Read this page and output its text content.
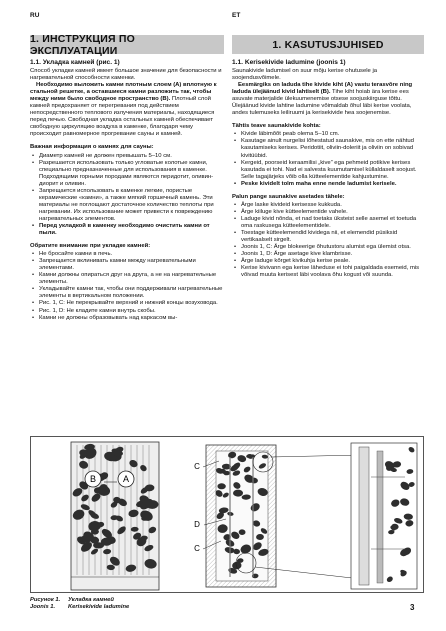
RU	ET
1. ИНСТРУКЦИЯ ПО ЭКСПЛУАТАЦИИ	1. KASUTUSJUHISED
1.1. Укладка камней (рис. 1)
Способ укладки камней имеет большое значение для безопасности и нагревательной способности каменки.
Необходимо выложить камни плотным слоем (А) вплотную к стальной решетке, а оставшиеся камни разложить так, чтобы между ними было свободное пространство (В). Плотный слой камней предохраняет от перегревания под действием непосредственного теплового излучения материалы, находящиеся перед печью. Свободная укладка остальных камней обеспечивает свободную циркуляцию воздуха в каменке, благодаря чему происходит равномерное прогревание сауны и камней.
Важная информация о камнях для сауны:
• Диаметр камней не должен превышать 5–10 см.
• Разрешается использовать только угловатые колотые камни, специально предназначенные для использования в каменке. Подходящими горными породами являются перидотит, оливин-диорит и оливин.
• Запрещается использовать в каменке легкие, пористые керамические «камни», а также мягкий горшечный камень. Эти материалы не поглощают достаточное количество теплоты при нагревании. Их использование может привести к повреждению нагревательных элементов.
• Перед укладкой в каменку необходимо очистить камни от пыли.
Обратите внимание при укладке камней:
• Не бросайте камни в печь.
• Запрещается вклинивать камни между нагревательными элементами.
• Камни должны опираться друг на друга, а не на нагревательные элементы.
• Укладывайте камни так, чтобы они поддерживали нагревательные элементы в вертикальном положении.
• Рис. 1, C: Не перекрывайте верхний и нижний концы возуховода.
• Рис. 1, D: Не кладите камни внутрь скобы.
• Камни не должны образовывать над каркасом вы-
1.1. Kerisekivide ladumine (joonis 1)
Saunakivide ladumisel on suur mõju kerise ohutusele ja soojendusvõimele.
Eesmärgiks on laduda tihe kivide kiht (A) vastu terasvõre ning laduda ülejäänud kivid lahtiselt (B). Tihe kiht hoiab ära kerise ees asuvate materjalide ülekuumenemise otsese soojuskiirguse tõttu. Ülejäänud kivide lahtine ladumine võimaldab õhul läbi kerise voolata, andes tulemuseks leiliruumi ja kerisekivide hea soojenemise.
Tähtis teave saunakivide kohta:
• Kivide läbimõõt peab olema 5–10 cm.
• Kasutage ainult nurgelisi lõhestatud saunakive, mis on ette nähtud kasutamiseks kerises. Peridotiit, oliviin-doleriit ja oliviin on sobivad kivitüübid.
• Kergeid, poorseid keraamilisi „kive” ega pehmeid potikive kerises kasutada ei tohi. Nad ei salvesta kuumutamisel küllaldaselt soojust. Selle tagajärjeks võib olla kütteelementide kahjustumine.
• Peske kividelt tolm maha enne nende ladumist kerisele.
Palun pange saunakive asetades tähele:
• Ärge laske kivideid kerisesse kukkuda.
• Ärge kiiluge kive kütteelementide vahele.
• Laduge kivid nõnda, et nad toetaks üksteist selle asemel et toetuda oma raskusega kütteelementidele.
• Toestage kütteelemendid kividega nii, et elemendid püsiksid vertikaalselt sirgelt.
• Joonis 1, C: Ärge blokeerige õhutustoru alumist ega ülemist otsa.
• Joonis 1, D: Ärge asetage kive klambrisse.
• Ärge laduge kõrget kivikuhja kerise peale.
• Kerise kivivann ega kerise läheduse ei tohi paigaldada esemeid, mis võivad muuta kerisest läbi voolava õhu kogust või suunda.
B	A
C
D
C
Рисунок 1. Укладка камней
Joonis 1. Kerisekivide ladumine	3
